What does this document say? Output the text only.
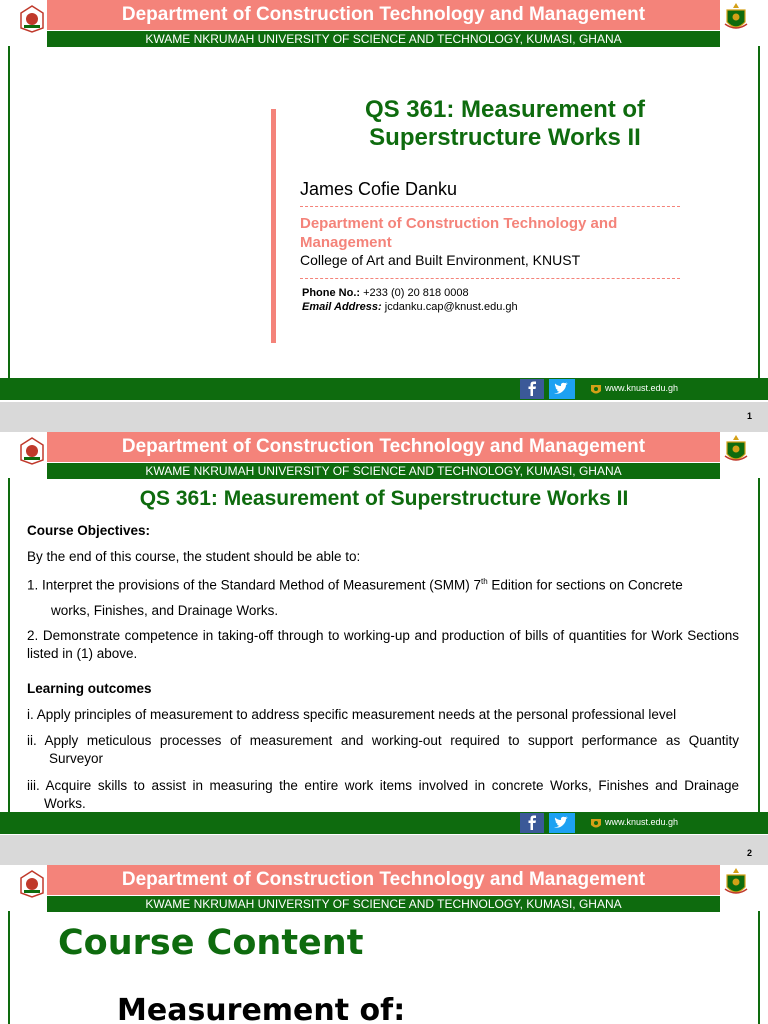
Department of Construction Technology and Management
KWAME NKRUMAH UNIVERSITY OF SCIENCE AND TECHNOLOGY, KUMASI, GHANA
QS 361: Measurement of Superstructure Works II
James Cofie Danku
Department of Construction Technology and Management
College of Art and Built Environment, KNUST
Phone No.: +233 (0) 20 818 0008
Email Address: jcdanku.cap@knust.edu.gh
www.knust.edu.gh
1
Department of Construction Technology and Management
KWAME NKRUMAH UNIVERSITY OF SCIENCE AND TECHNOLOGY, KUMASI, GHANA
QS 361: Measurement of Superstructure Works II

Course Objectives:

By the end of this course, the student should be able to:

1. Interpret the provisions of the Standard Method of Measurement (SMM) 7th Edition for sections on Concrete

works, Finishes, and Drainage Works.

2. Demonstrate competence in taking-off through to working-up and production of bills of quantities for Work Sections listed in (1) above.

Learning outcomes

i. Apply principles of measurement to address specific measurement needs at the personal professional level

ii. Apply meticulous processes of measurement and working-out required to support performance as Quantity

Surveyor

iii. Acquire skills to assist in measuring the entire work items involved in concrete Works, Finishes and Drainage

Works.

www.knust.edu.gh
2
Department of Construction Technology and Management
KWAME NKRUMAH UNIVERSITY OF SCIENCE AND TECHNOLOGY, KUMASI, GHANA
Course Content
Measurement of:
